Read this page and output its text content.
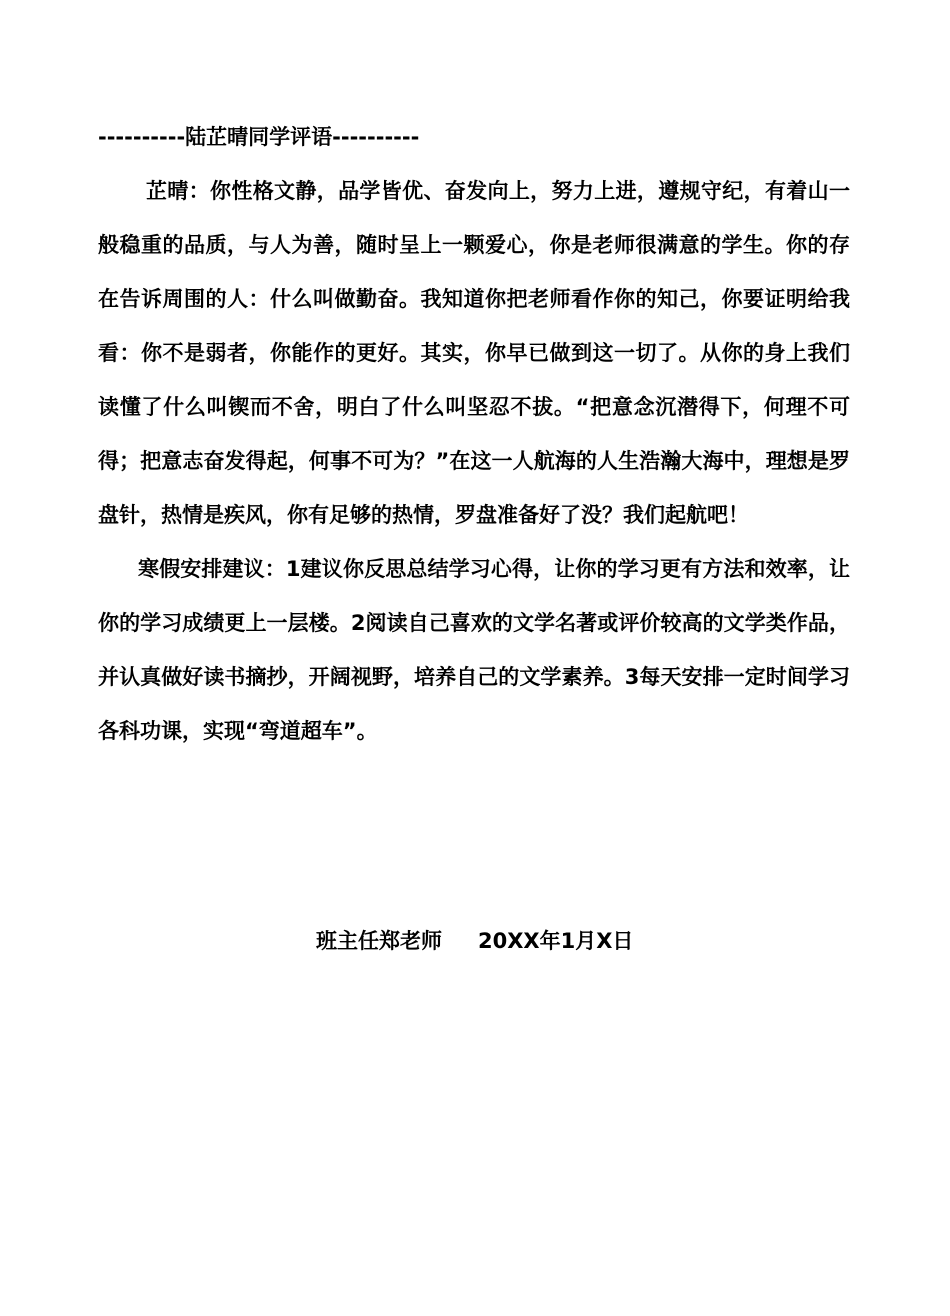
----------陆芷晴同学评语----------

芷晴：你性格文静，品学皆优、奋发向上，努力上进，遵规守纪，有着山一般稳重的品质，与人为善，随时呈上一颗爱心，你是老师很满意的学生。你的存在告诉周围的人：什么叫做勤奋。我知道你把老师看作你的知己，你要证明给我看：你不是弱者，你能作的更好。其实，你早已做到这一切了。从你的身上我们读懂了什么叫锲而不舍，明白了什么叫坚忍不拔。“把意念沉潜得下，何理不可得；把意志奋发得起，何事不可为？”在这一人航海的人生浩瀚大海中，理想是罗盘针，热情是疾风，你有足够的热情，罗盘准备好了没？我们起航吧！

寒假安排建议：1建议你反思总结学习心得，让你的学习更有方法和效率，让你的学习成绩更上一层楼。2阅读自己喜欢的文学名著或评价较高的文学类作品，并认真做好读书摘抄，开阔视野，培养自己的文学素养。3每天安排一定时间学习各科功课，实现“弯道超车”。

班主任郑老师 20XX年1月X日
